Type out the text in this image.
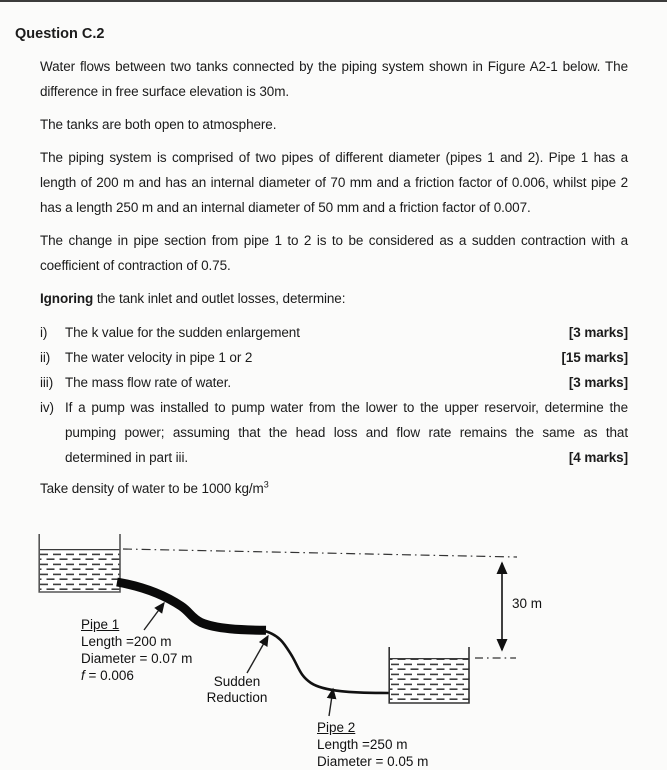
Question C.2

Water flows between two tanks connected by the piping system shown in Figure A2-1 below. The difference in free surface elevation is 30m.

The tanks are both open to atmosphere.

The piping system is comprised of two pipes of different diameter (pipes 1 and 2). Pipe 1 has a length of 200 m and has an internal diameter of 70 mm and a friction factor of 0.006, whilst pipe 2 has a length 250 m and an internal diameter of 50 mm and a friction factor of 0.007.

The change in pipe section from pipe 1 to 2 is to be considered as a sudden contraction with a coefficient of contraction of 0.75.

Ignoring the tank inlet and outlet losses, determine:

i) The k value for the sudden enlargement	[3 marks]
ii) The water velocity in pipe 1 or 2	[15 marks]
iii) The mass flow rate of water.	[3 marks]
iv) If a pump was installed to pump water from the lower to the upper reservoir, determine the pumping power; assuming that the head loss and flow rate remains the same as that determined in part iii.	[4 marks]

Take density of water to be 1000 $kg/m^3$

Pipe 1
Length =200 m
Diameter = 0.07 m
f = 0.006	Sudden
Reduction
Pipe 2
Length =250 m
Diameter = 0.05 m
30 m
